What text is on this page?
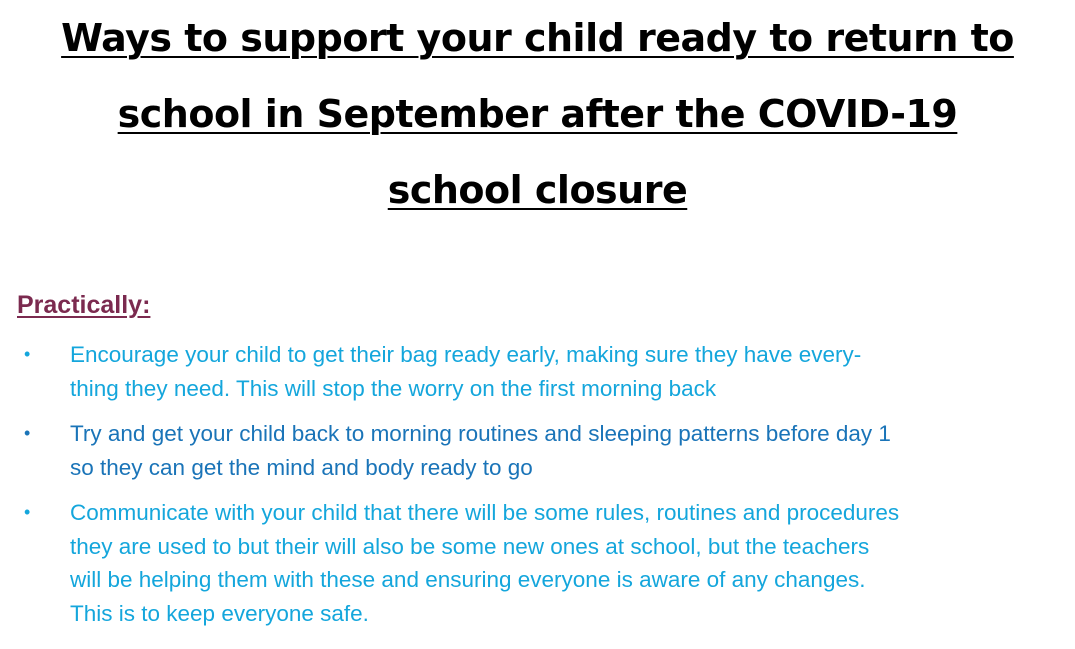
Ways to support your child ready to return to
school in September after the COVID-19
school closure
Practically:
• Encourage your child to get their bag ready early, making sure they have every-
thing they need. This will stop the worry on the first morning back
• Try and get your child back to morning routines and sleeping patterns before day 1
so they can get the mind and body ready to go
• Communicate with your child that there will be some rules, routines and procedures
they are used to but their will also be some new ones at school, but the teachers
will be helping them with these and ensuring everyone is aware of any changes.
This is to keep everyone safe.
